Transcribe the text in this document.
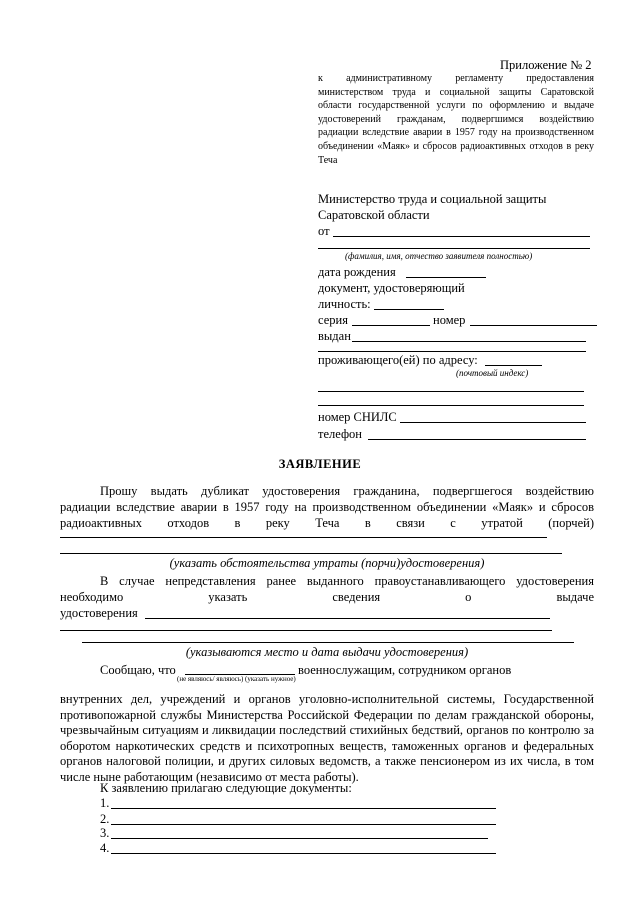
Приложение № 2
к административному регламенту предоставления министерством труда и социальной защиты Саратовской области государственной услуги по оформлению и выдаче удостоверений гражданам, подвергшимся воздействию радиации вследствие аварии в 1957 году на производственном объединении «Маяк» и сбросов радиоактивных отходов в реку Теча
Министерство труда и социальной защиты
Саратовской области
от
(фамилия, имя, отчество заявителя полностью)
дата рождения
документ, удостоверяющий
личность:
серия	номер
выдан
проживающего(ей) по адресу:
(почтовый индекс)
номер СНИЛС
телефон
ЗАЯВЛЕНИЕ
Прошу выдать дубликат удостоверения гражданина, подвергшегося воздействию
радиации вследствие аварии в 1957 году на производственном объединении «Маяк» и сбросов
радиоактивных отходов в реку Теча в связи с утратой (порчей)
(указать обстоятельства утраты (порчи)удостоверения)
В случае непредставления ранее выданного правоустанавливающего удостоверения
необходимо указать сведения о выдаче
удостоверения
(указываются место и дата выдачи удостоверения)
Сообщаю, что	военнослужащим, сотрудником органов
(не являюсь/ являюсь) (указать нужное)
внутренних дел, учреждений и органов уголовно-исполнительной системы, Государственной противопожарной службы Министерства Российской Федерации по делам гражданской обороны, чрезвычайным ситуациям и ликвидации последствий стихийных бедствий, органов по контролю за оборотом наркотических средств и психотропных веществ, таможенных органов и федеральных органов налоговой полиции, и других силовых ведомств, а также пенсионером из их числа, в том числе ныне работающим (независимо от места работы).
К заявлению прилагаю следующие документы:
1.
2.
3.
4.
